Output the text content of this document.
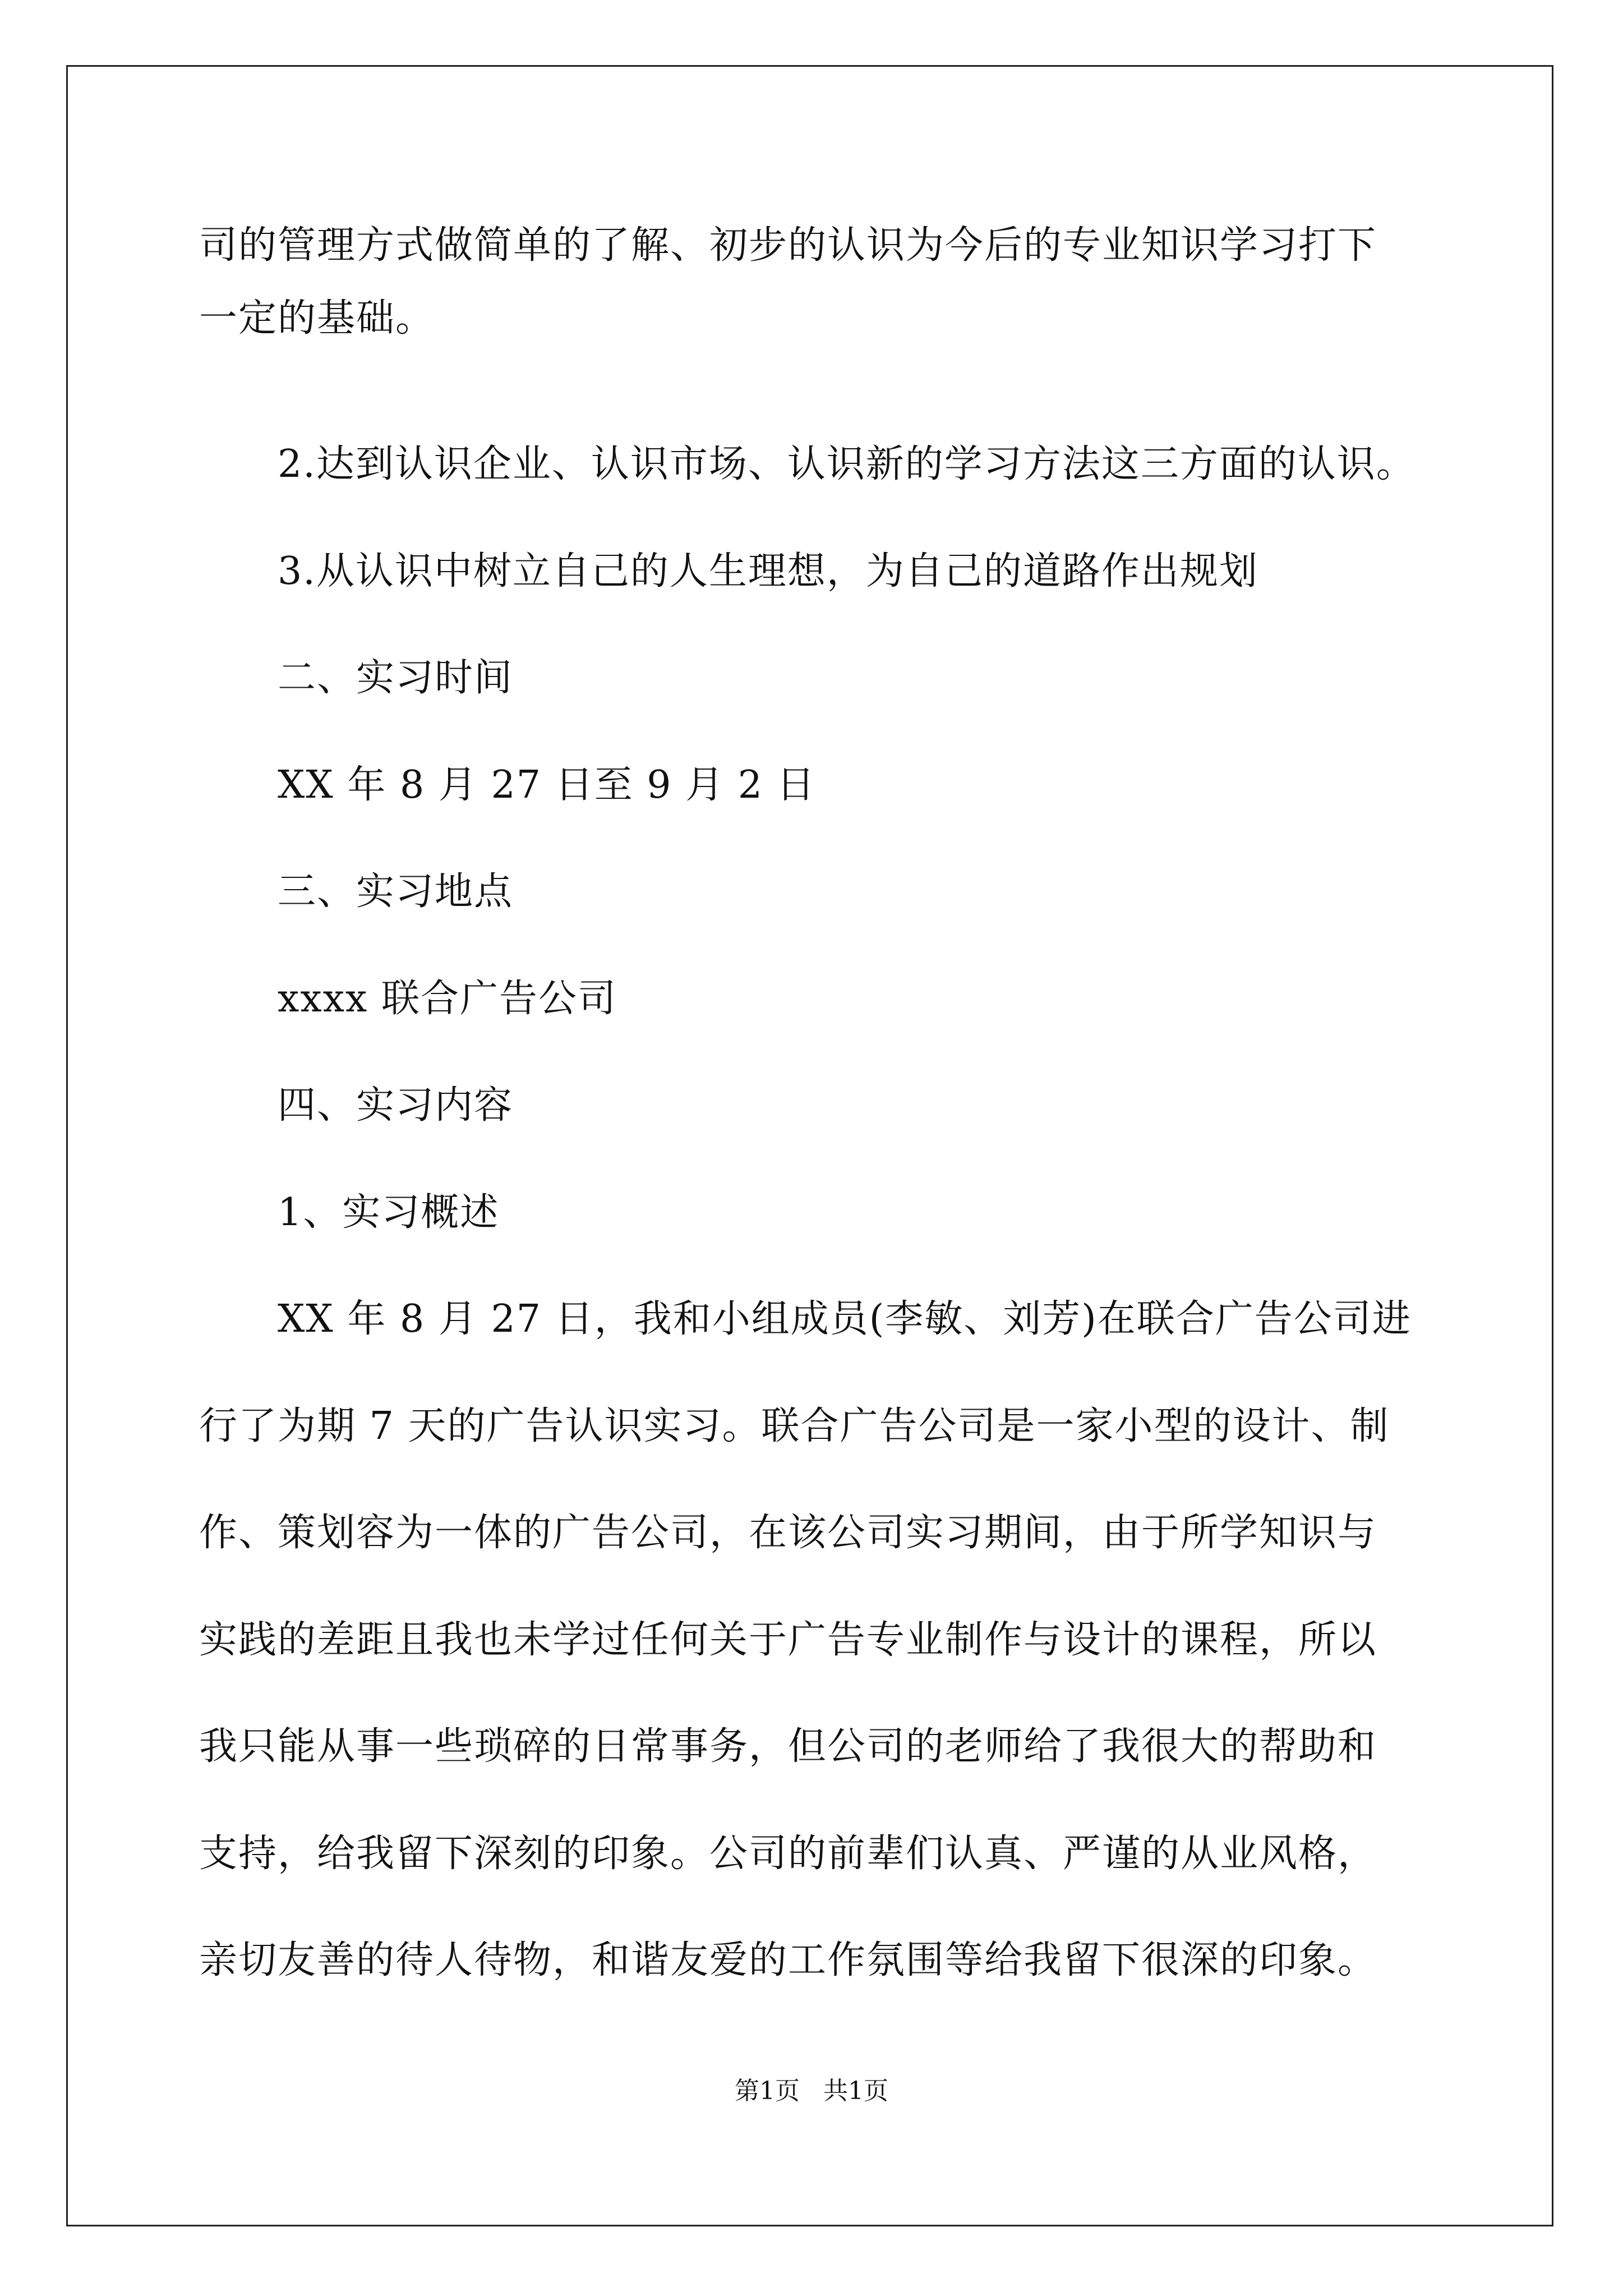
司的管理方式做简单的了解、初步的认识为今后的专业知识学习打下
一定的基础。
2.达到认识企业、认识市场、认识新的学习方法这三方面的认识。
3.从认识中树立自己的人生理想，为自己的道路作出规划
二、实习时间
XX 年 8 月 27 日至 9 月 2 日
三、实习地点
xxxx 联合广告公司
四、实习内容
1、实习概述
XX 年 8 月 27 日，我和小组成员(李敏、刘芳)在联合广告公司进
行了为期 7 天的广告认识实习。联合广告公司是一家小型的设计、制
作、策划容为一体的广告公司，在该公司实习期间，由于所学知识与
实践的差距且我也未学过任何关于广告专业制作与设计的课程，所以
我只能从事一些琐碎的日常事务，但公司的老师给了我很大的帮助和
支持，给我留下深刻的印象。公司的前辈们认真、严谨的从业风格，
亲切友善的待人待物，和谐友爱的工作氛围等给我留下很深的印象。
第1页   共1页
